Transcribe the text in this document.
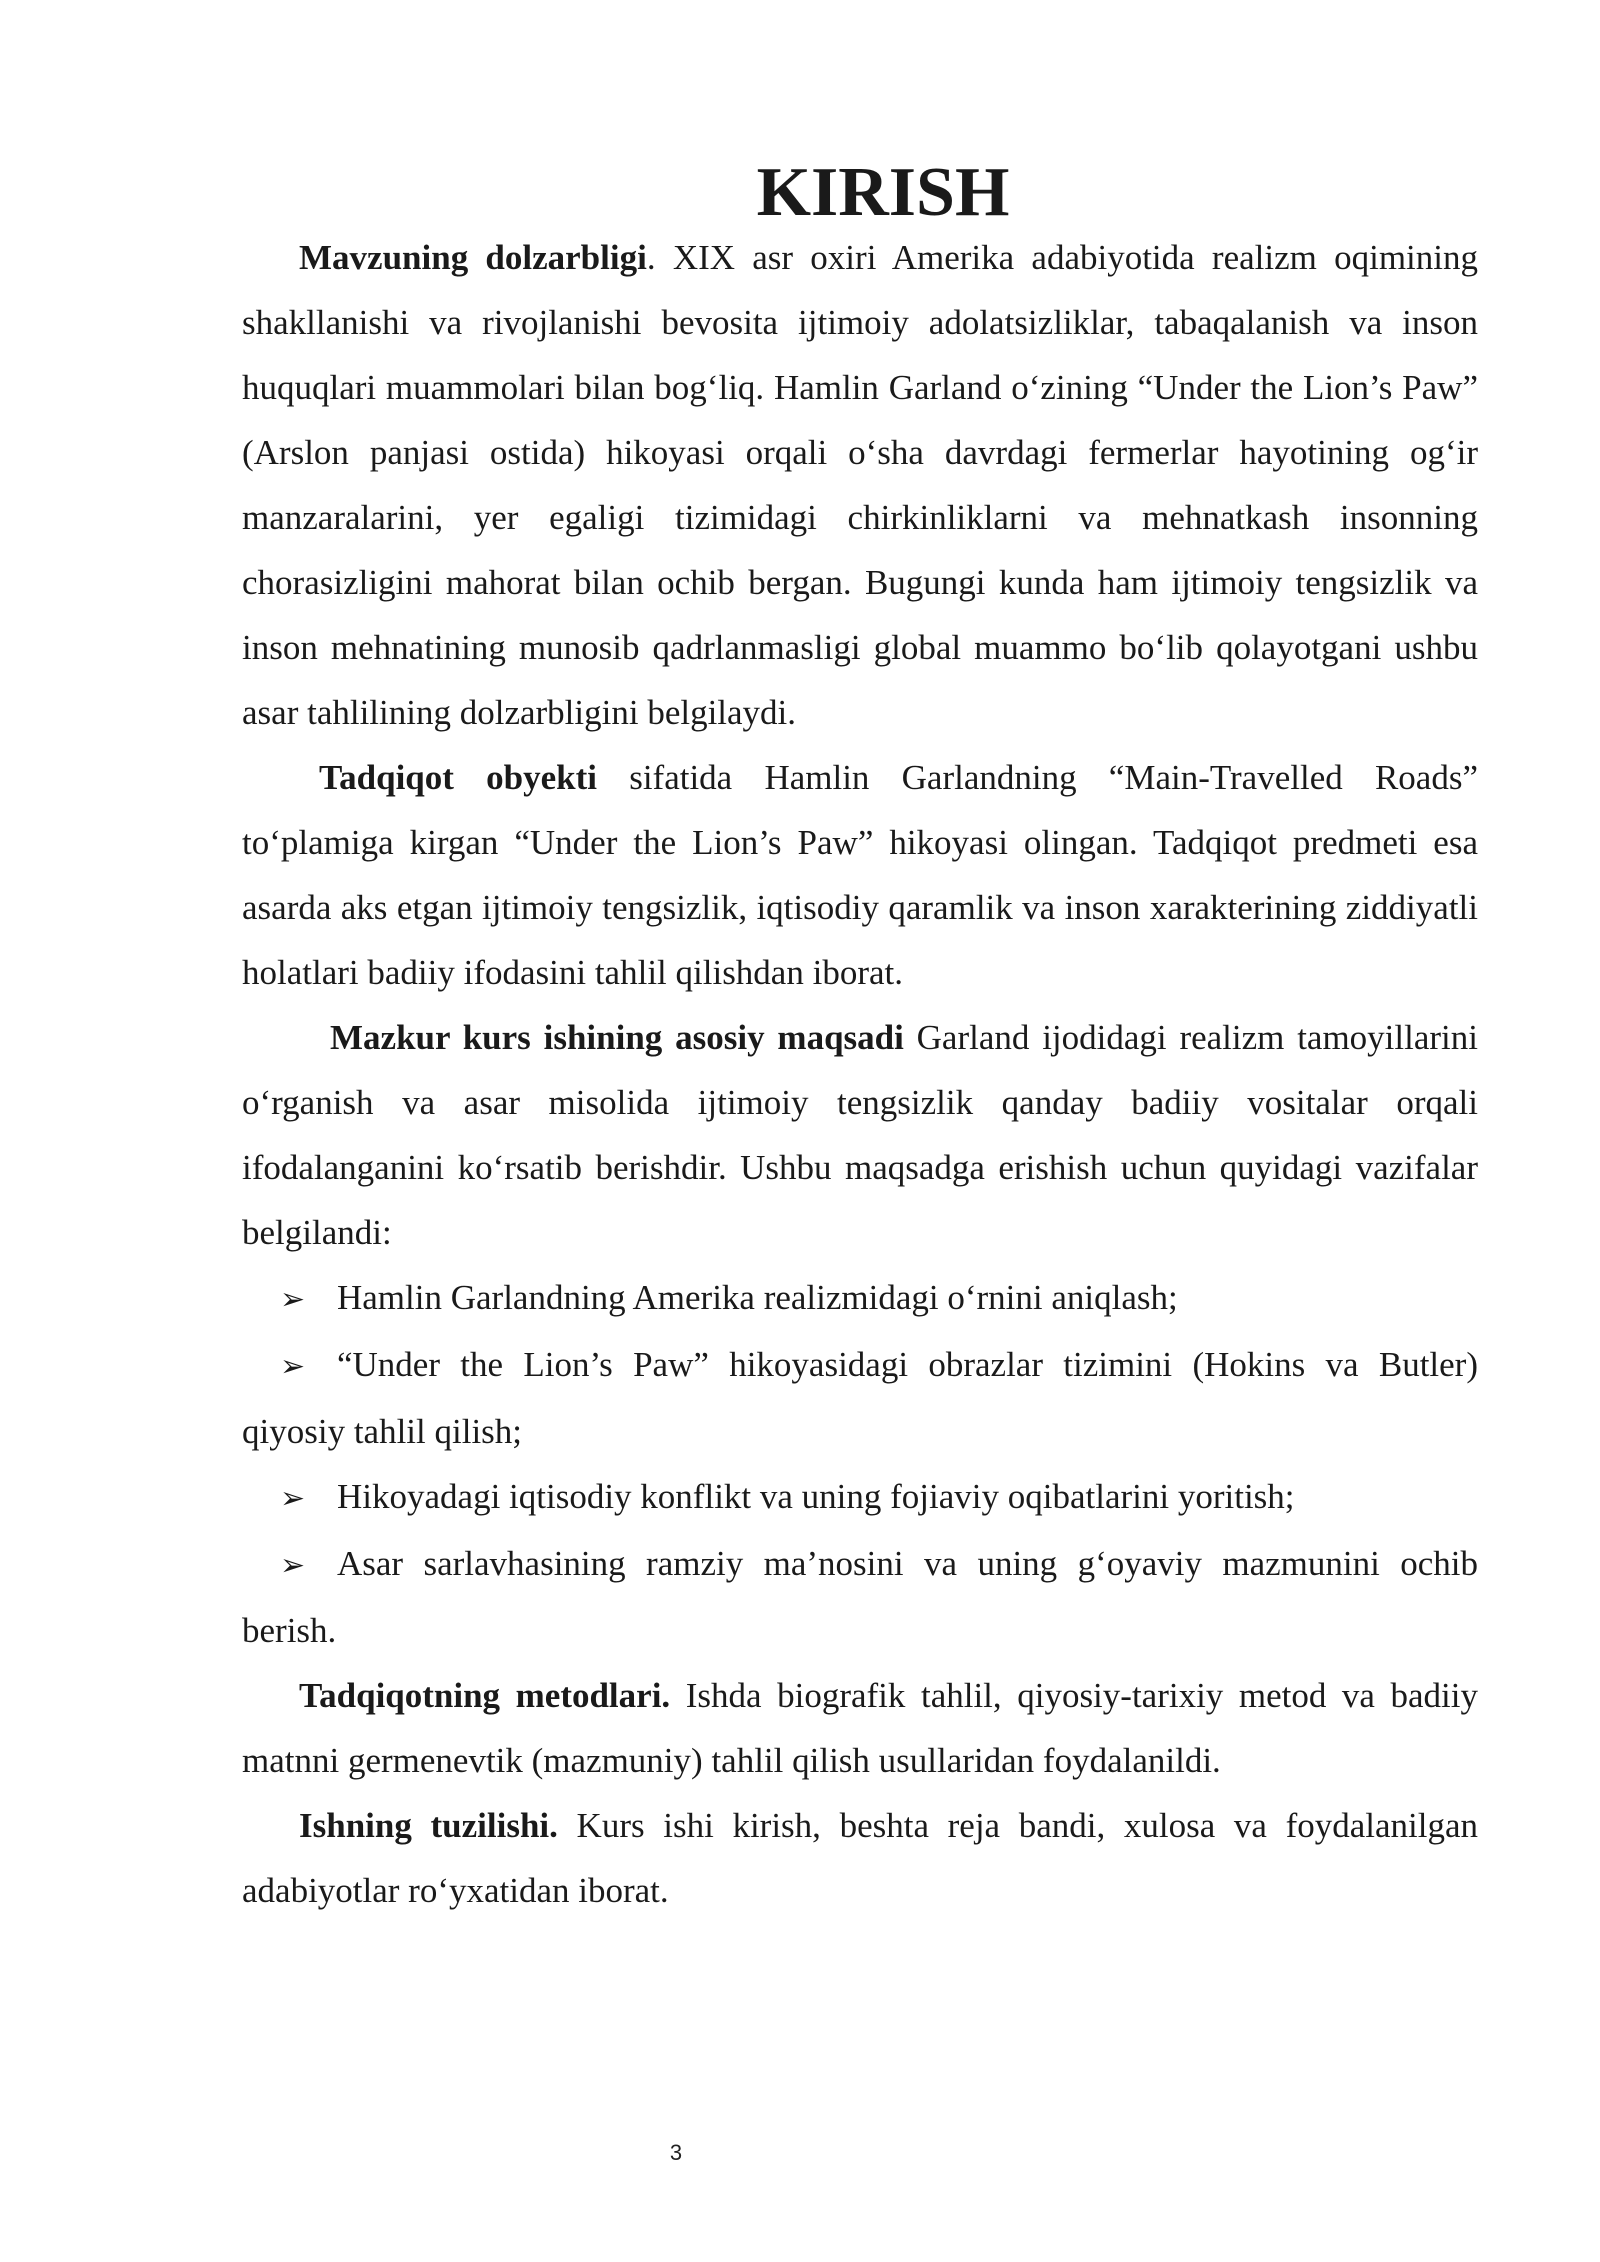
KIRISH

Mavzuning dolzarbligi. XIX asr oxiri Amerika adabiyotida realizm oqimining shakllanishi va rivojlanishi bevosita ijtimoiy adolatsizliklar, tabaqalanish va inson huquqlari muammolari bilan bog‘liq. Hamlin Garland o‘zining “Under the Lion’s Paw” (Arslon panjasi ostida) hikoyasi orqali o‘sha davrdagi fermerlar hayotining og‘ir manzaralarini, yer egaligi tizimidagi chirkinliklarni va mehnatkash insonning chorasizligini mahorat bilan ochib bergan. Bugungi kunda ham ijtimoiy tengsizlik va inson mehnatining munosib qadrlanmasligi global muammo bo‘lib qolayotgani ushbu asar tahlilining dolzarbligini belgilaydi.

Tadqiqot obyekti sifatida Hamlin Garlandning “Main-Travelled Roads” to‘plamiga kirgan “Under the Lion’s Paw” hikoyasi olingan. Tadqiqot predmeti esa asarda aks etgan ijtimoiy tengsizlik, iqtisodiy qaramlik va inson xarakterining ziddiyatli holatlari badiiy ifodasini tahlil qilishdan iborat.

Mazkur kurs ishining asosiy maqsadi Garland ijodidagi realizm tamoyillarini o‘rganish va asar misolida ijtimoiy tengsizlik qanday badiiy vositalar orqali ifodalanganini ko‘rsatib berishdir. Ushbu maqsadga erishish uchun quyidagi vazifalar belgilandi:

➢ Hamlin Garlandning Amerika realizmidagi o‘rnini aniqlash;

➢ “Under the Lion’s Paw” hikoyasidagi obrazlar tizimini (Hokins va Butler) qiyosiy tahlil qilish;

➢ Hikoyadagi iqtisodiy konflikt va uning fojiaviy oqibatlarini yoritish;

➢ Asar sarlavhasining ramziy ma’nosini va uning g‘oyaviy mazmunini ochib berish.

Tadqiqotning metodlari. Ishda biografik tahlil, qiyosiy-tarixiy metod va badiiy matnni germenevtik (mazmuniy) tahlil qilish usullaridan foydalanildi.

Ishning tuzilishi. Kurs ishi kirish, beshta reja bandi, xulosa va foydalanilgan adabiyotlar ro‘yxatidan iborat.

3
